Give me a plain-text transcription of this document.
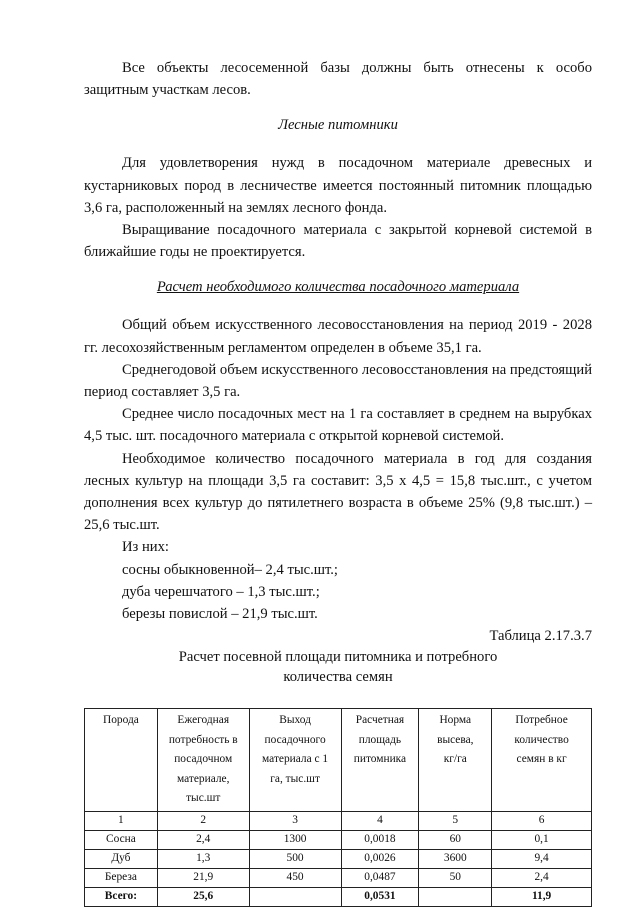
Все объекты лесосеменной базы должны быть отнесены к особо защитным участкам лесов.

Лесные питомники

Для удовлетворения нужд в посадочном материале древесных и кустарниковых пород в лесничестве имеется постоянный питомник площадью 3,6 га, расположенный на землях лесного фонда.

Выращивание посадочного материала с закрытой корневой системой в ближайшие годы не проектируется.

Расчет необходимого количества посадочного материала

Общий объем искусственного лесовосстановления на период 2019 - 2028 гг. лесохозяйственным регламентом определен в объеме 35,1 га.

Среднегодовой объем искусственного лесовосстановления на предстоящий период составляет 3,5 га.

Среднее число посадочных мест на 1 га составляет в среднем на вырубках 4,5 тыс. шт. посадочного материала с открытой корневой системой.

Необходимое количество посадочного материала в год для создания лесных культур на площади 3,5 га составит: 3,5 х 4,5 = 15,8 тыс.шт., с учетом дополнения всех культур до пятилетнего возраста в объеме 25% (9,8 тыс.шт.) – 25,6 тыс.шт.

Из них:

сосны обыкновенной– 2,4 тыс.шт.;

дуба черешчатого – 1,3 тыс.шт.;

березы повислой – 21,9 тыс.шт.

Таблица 2.17.3.7

Расчет посевной площади питомника и потребного
количества семян

Порода	Ежегодная
потребность в
посадочном
материале,
тыс.шт	Выход
посадочного
материала с 1
га, тыс.шт	Расчетная
площадь
питомника	Норма
высева,
кг/га	Потребное
количество
семян в кг
1	2	3	4	5	6
Сосна	2,4	1300	0,0018	60	0,1
Дуб	1,3	500	0,0026	3600	9,4
Береза	21,9	450	0,0487	50	2,4
Всего:	25,6		0,0531		11,9
